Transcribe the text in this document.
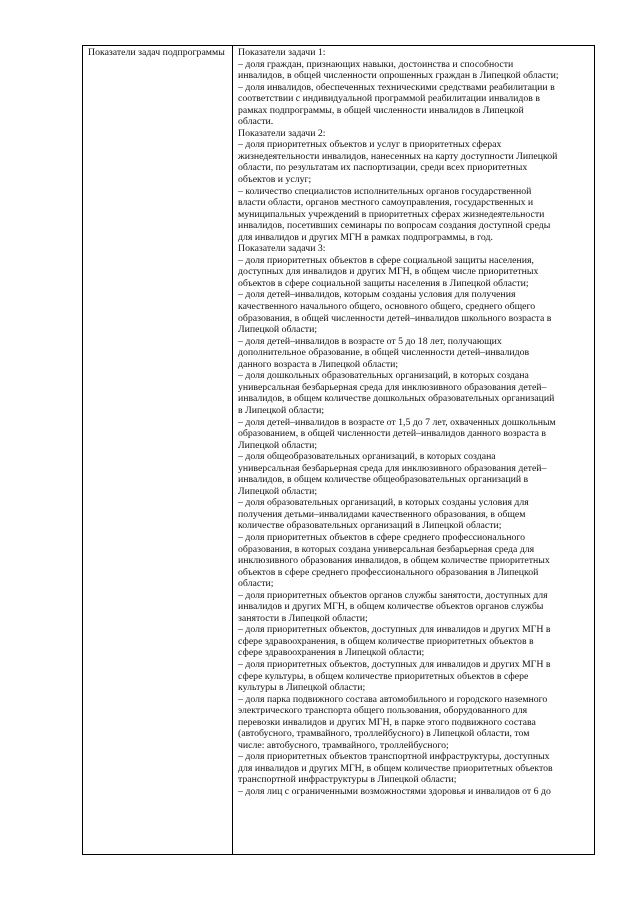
Показатели задач подпрограммы	Показатели задачи 1:
– доля граждан, признающих навыки, достоинства и способности
инвалидов, в общей численности опрошенных граждан в Липецкой области;
– доля инвалидов, обеспеченных техническими средствами реабилитации в
соответствии с индивидуальной программой реабилитации инвалидов в
рамках подпрограммы, в общей численности инвалидов в Липецкой
области.
Показатели задачи 2:
– доля приоритетных объектов и услуг в приоритетных сферах
жизнедеятельности инвалидов, нанесенных на карту доступности Липецкой
области, по результатам их паспортизации, среди всех приоритетных
объектов и услуг;
– количество специалистов исполнительных органов государственной
власти области, органов местного самоуправления, государственных и
муниципальных учреждений в приоритетных сферах жизнедеятельности
инвалидов, посетивших семинары по вопросам создания доступной среды
для инвалидов и других МГН в рамках подпрограммы, в год.
Показатели задачи 3:
– доля приоритетных объектов в сфере социальной защиты населения,
доступных для инвалидов и других МГН, в общем числе приоритетных
объектов в сфере социальной защиты населения в Липецкой области;
– доля детей–инвалидов, которым созданы условия для получения
качественного начального общего, основного общего, среднего общего
образования, в общей численности детей–инвалидов школьного возраста в
Липецкой области;
– доля детей–инвалидов в возрасте от 5 до 18 лет, получающих
дополнительное образование, в общей численности детей–инвалидов
данного возраста в Липецкой области;
– доля дошкольных образовательных организаций, в которых создана
универсальная безбарьерная среда для инклюзивного образования детей–
инвалидов, в общем количестве дошкольных образовательных организаций
в Липецкой области;
– доля детей–инвалидов в возрасте от 1,5 до 7 лет, охваченных дошкольным
образованием, в общей численности детей–инвалидов данного возраста в
Липецкой области;
– доля общеобразовательных организаций, в которых создана
универсальная безбарьерная среда для инклюзивного образования детей–
инвалидов, в общем количестве общеобразовательных организаций в
Липецкой области;
– доля образовательных организаций, в которых созданы условия для
получения детьми–инвалидами качественного образования, в общем
количестве образовательных организаций в Липецкой области;
– доля приоритетных объектов в сфере среднего профессионального
образования, в которых создана универсальная безбарьерная среда для
инклюзивного образования инвалидов, в общем количестве приоритетных
объектов в сфере среднего профессионального образования в Липецкой
области;
– доля приоритетных объектов органов службы занятости, доступных для
инвалидов и других МГН, в общем количестве объектов органов службы
занятости в Липецкой области;
– доля приоритетных объектов, доступных для инвалидов и других МГН в
сфере здравоохранения, в общем количестве приоритетных объектов в
сфере здравоохранения в Липецкой области;
– доля приоритетных объектов, доступных для инвалидов и других МГН в
сфере культуры, в общем количестве приоритетных объектов в сфере
культуры в Липецкой области;
– доля парка подвижного состава автомобильного и городского наземного
электрического транспорта общего пользования, оборудованного для
перевозки инвалидов и других МГН, в парке этого подвижного состава
(автобусного, трамвайного, троллейбусного) в Липецкой области, том
числе: автобусного, трамвайного, троллейбусного;
– доля приоритетных объектов транспортной инфраструктуры, доступных
для инвалидов и других МГН, в общем количестве приоритетных объектов
транспортной инфраструктуры в Липецкой области;
– доля лиц с ограниченными возможностями здоровья и инвалидов от 6 до
